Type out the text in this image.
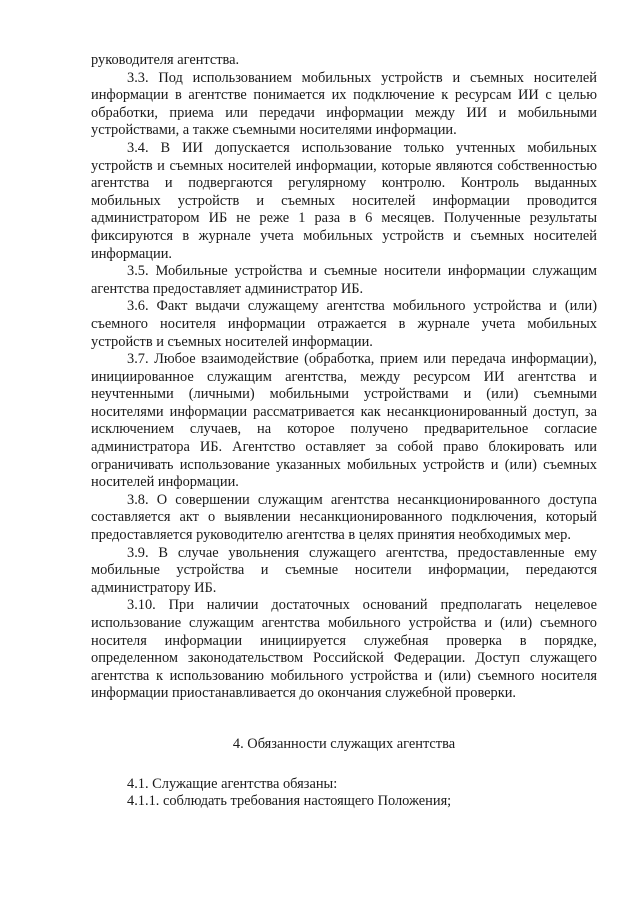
руководителя агентства.

3.3. Под использованием мобильных устройств и съемных носителей информации в агентстве понимается их подключение к ресурсам ИИ с целью обработки, приема или передачи информации между ИИ и мобильными устройствами, а также съемными носителями информации.

3.4. В ИИ допускается использование только учтенных мобильных устройств и съемных носителей информации, которые являются собственностью агентства и подвергаются регулярному контролю. Контроль выданных мобильных устройств и съемных носителей информации проводится администратором ИБ не реже 1 раза в 6 месяцев. Полученные результаты фиксируются в журнале учета мобильных устройств и съемных носителей информации.

3.5. Мобильные устройства и съемные носители информации служащим агентства предоставляет администратор ИБ.

3.6. Факт выдачи служащему агентства мобильного устройства и (или) съемного носителя информации отражается в журнале учета мобильных устройств и съемных носителей информации.

3.7. Любое взаимодействие (обработка, прием или передача информации), инициированное служащим агентства, между ресурсом ИИ агентства и неучтенными (личными) мобильными устройствами и (или) съемными носителями информации рассматривается как несанкционированный доступ, за исключением случаев, на которое получено предварительное согласие администратора ИБ. Агентство оставляет за собой право блокировать или ограничивать использование указанных мобильных устройств и (или) съемных носителей информации.

3.8. О совершении служащим агентства несанкционированного доступа составляется акт о выявлении несанкционированного подключения, который предоставляется руководителю агентства в целях принятия необходимых мер.

3.9. В случае увольнения служащего агентства, предоставленные ему мобильные устройства и съемные носители информации, передаются администратору ИБ.

3.10. При наличии достаточных оснований предполагать нецелевое использование служащим агентства мобильного устройства и (или) съемного носителя информации инициируется служебная проверка в порядке, определенном законодательством Российской Федерации. Доступ служащего агентства к использованию мобильного устройства и (или) съемного носителя информации приостанавливается до окончания служебной проверки.

4. Обязанности служащих агентства

4.1. Служащие агентства обязаны:

4.1.1. соблюдать требования настоящего Положения;
